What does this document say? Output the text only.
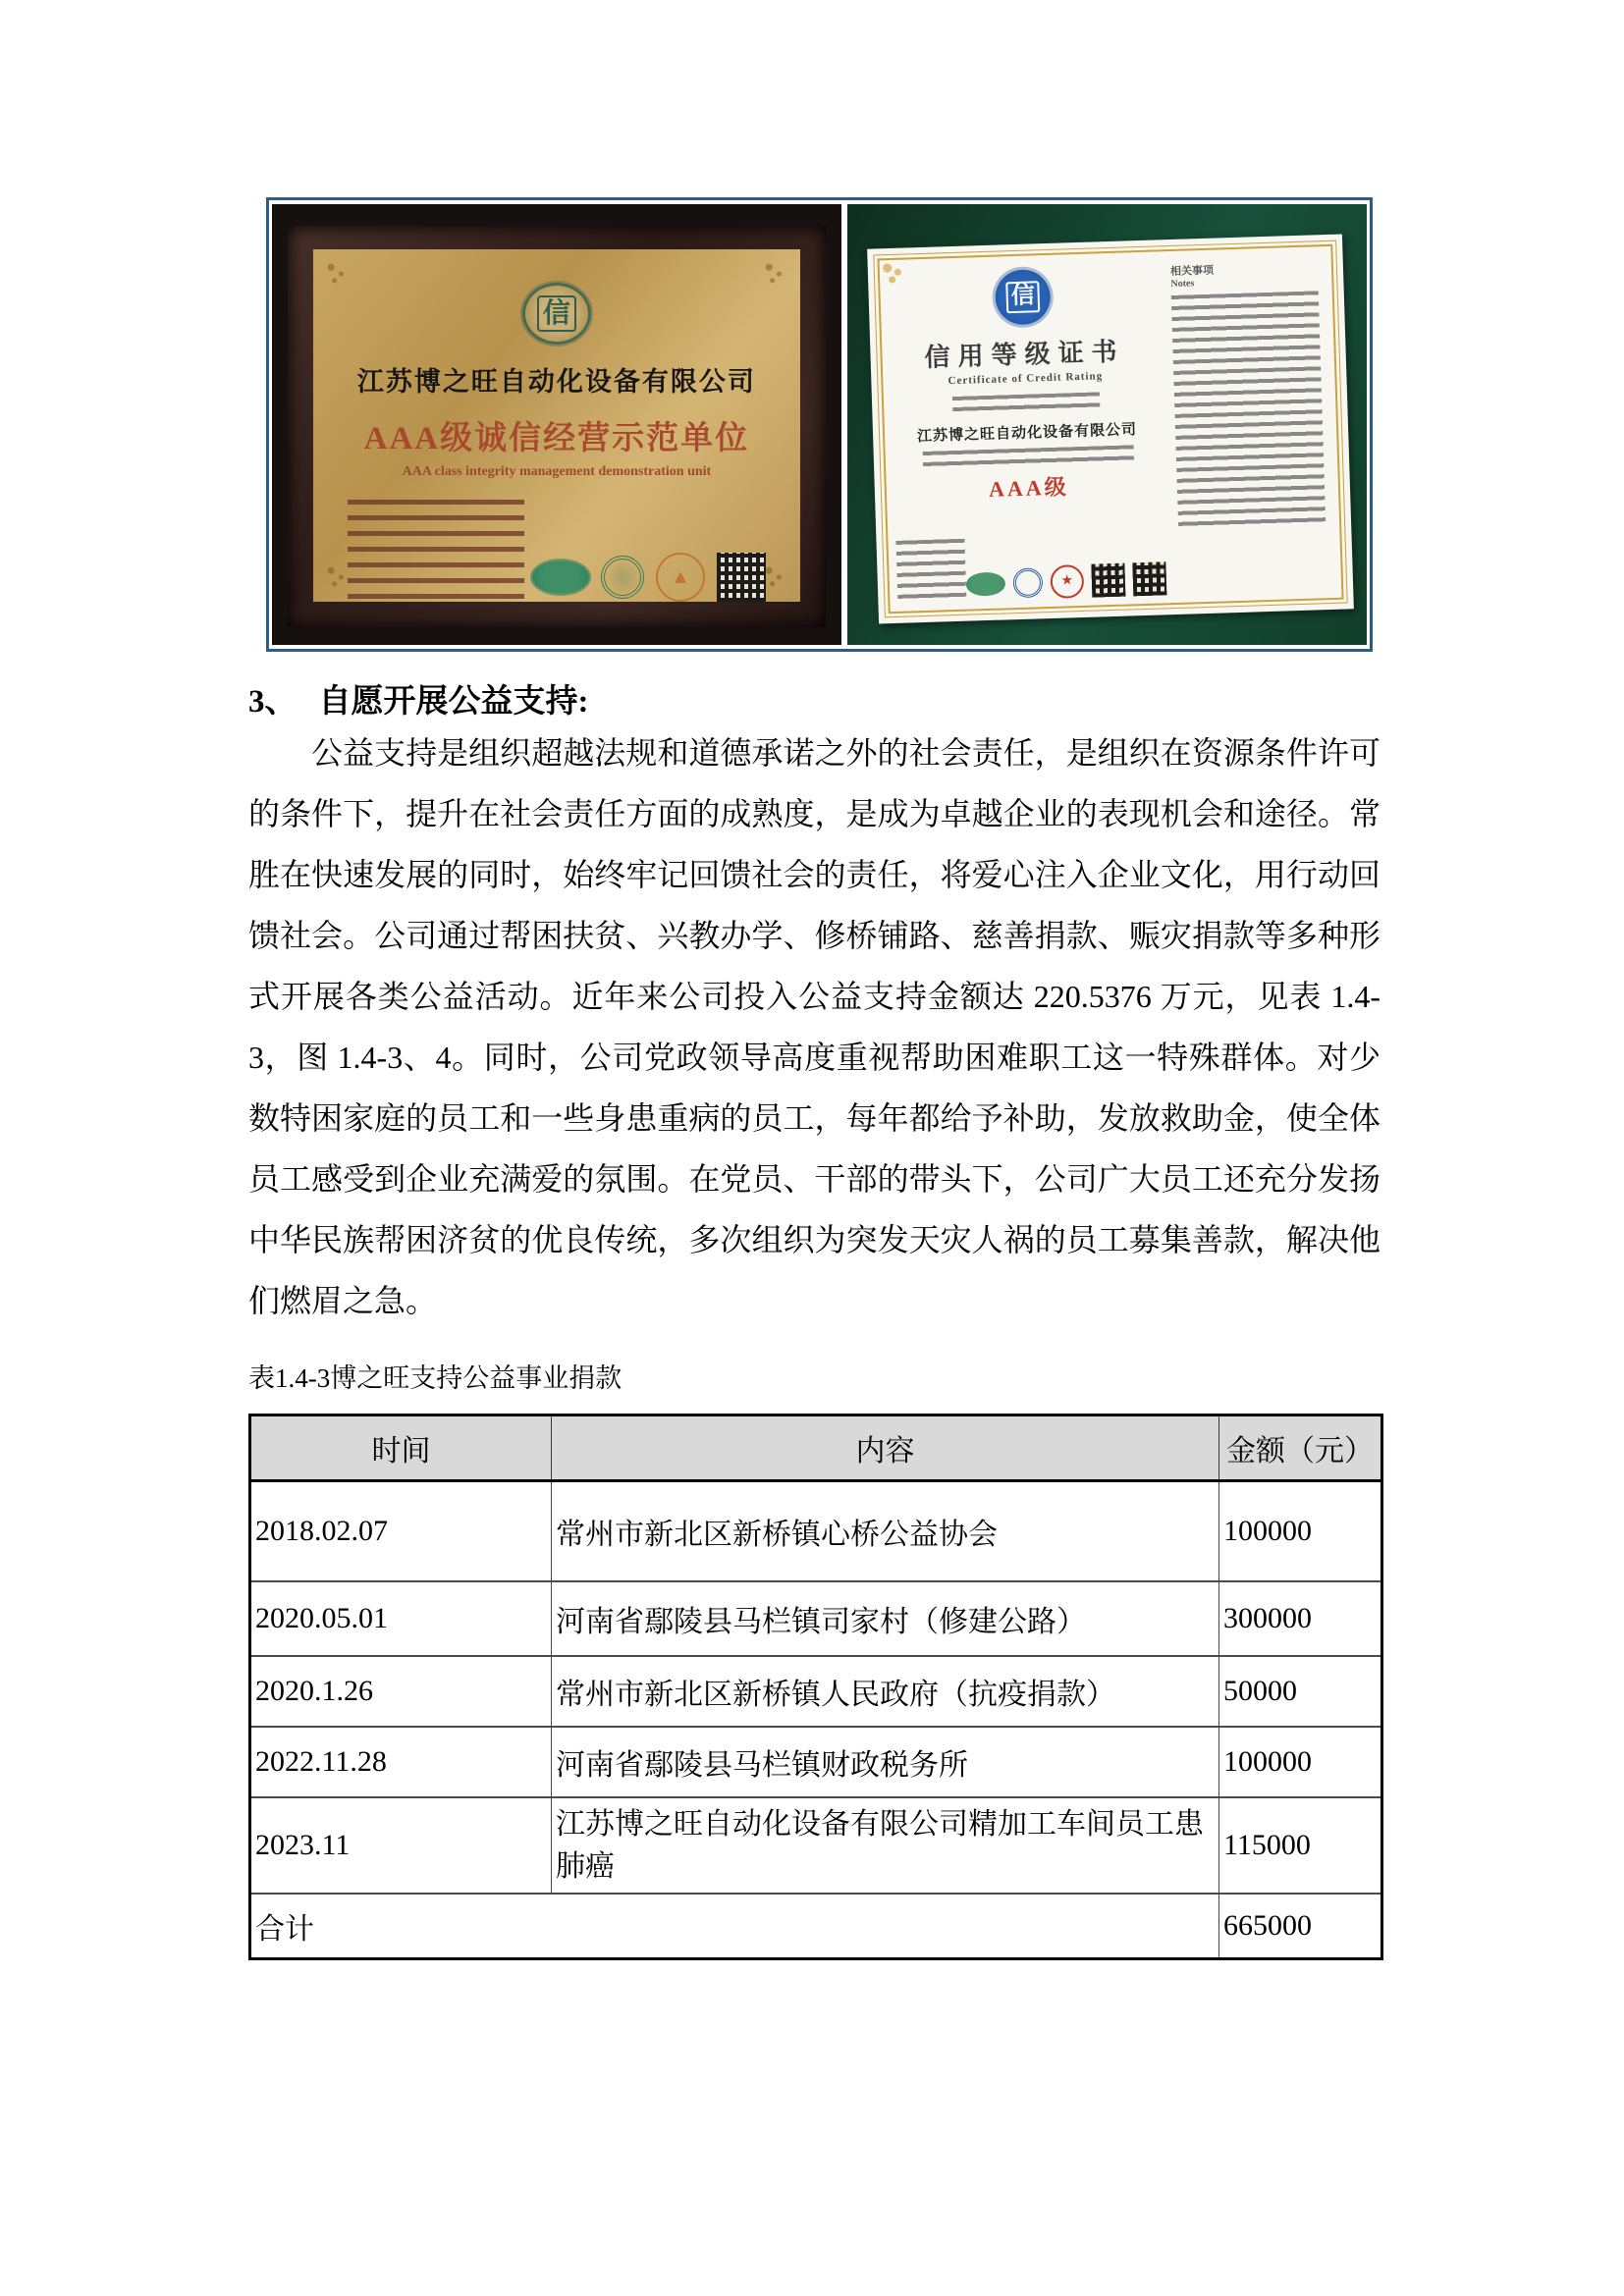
信
江苏博之旺自动化设备有限公司
AAA级诚信经营示范单位
AAA class integrity management demonstration unit
▲
信
信用等级证书
Certificate of Credit Rating
江苏博之旺自动化设备有限公司
AAA级
★
相关事项
Notes
3、 自愿开展公益支持:
公益支持是组织超越法规和道德承诺之外的社会责任，是组织在资源条件许可的条件下，提升在社会责任方面的成熟度，是成为卓越企业的表现机会和途径。常胜在快速发展的同时，始终牢记回馈社会的责任，将爱心注入企业文化，用行动回馈社会。公司通过帮困扶贫、兴教办学、修桥铺路、慈善捐款、赈灾捐款等多种形式开展各类公益活动。近年来公司投入公益支持金额达 220.5376 万元，见表 1.4-3，图 1.4-3、4。同时，公司党政领导高度重视帮助困难职工这一特殊群体。对少数特困家庭的员工和一些身患重病的员工，每年都给予补助，发放救助金，使全体员工感受到企业充满爱的氛围。在党员、干部的带头下，公司广大员工还充分发扬中华民族帮困济贫的优良传统，多次组织为突发天灾人祸的员工募集善款，解决他们燃眉之急。
表1.4-3博之旺支持公益事业捐款
时间	内容	金额（元）
2018.02.07	常州市新北区新桥镇心桥公益协会	100000
2020.05.01	河南省鄢陵县马栏镇司家村（修建公路）	300000
2020.1.26	常州市新北区新桥镇人民政府（抗疫捐款）	50000
2022.11.28	河南省鄢陵县马栏镇财政税务所	100000
2023.11	江苏博之旺自动化设备有限公司精加工车间员工患肺癌	115000
合计		665000
